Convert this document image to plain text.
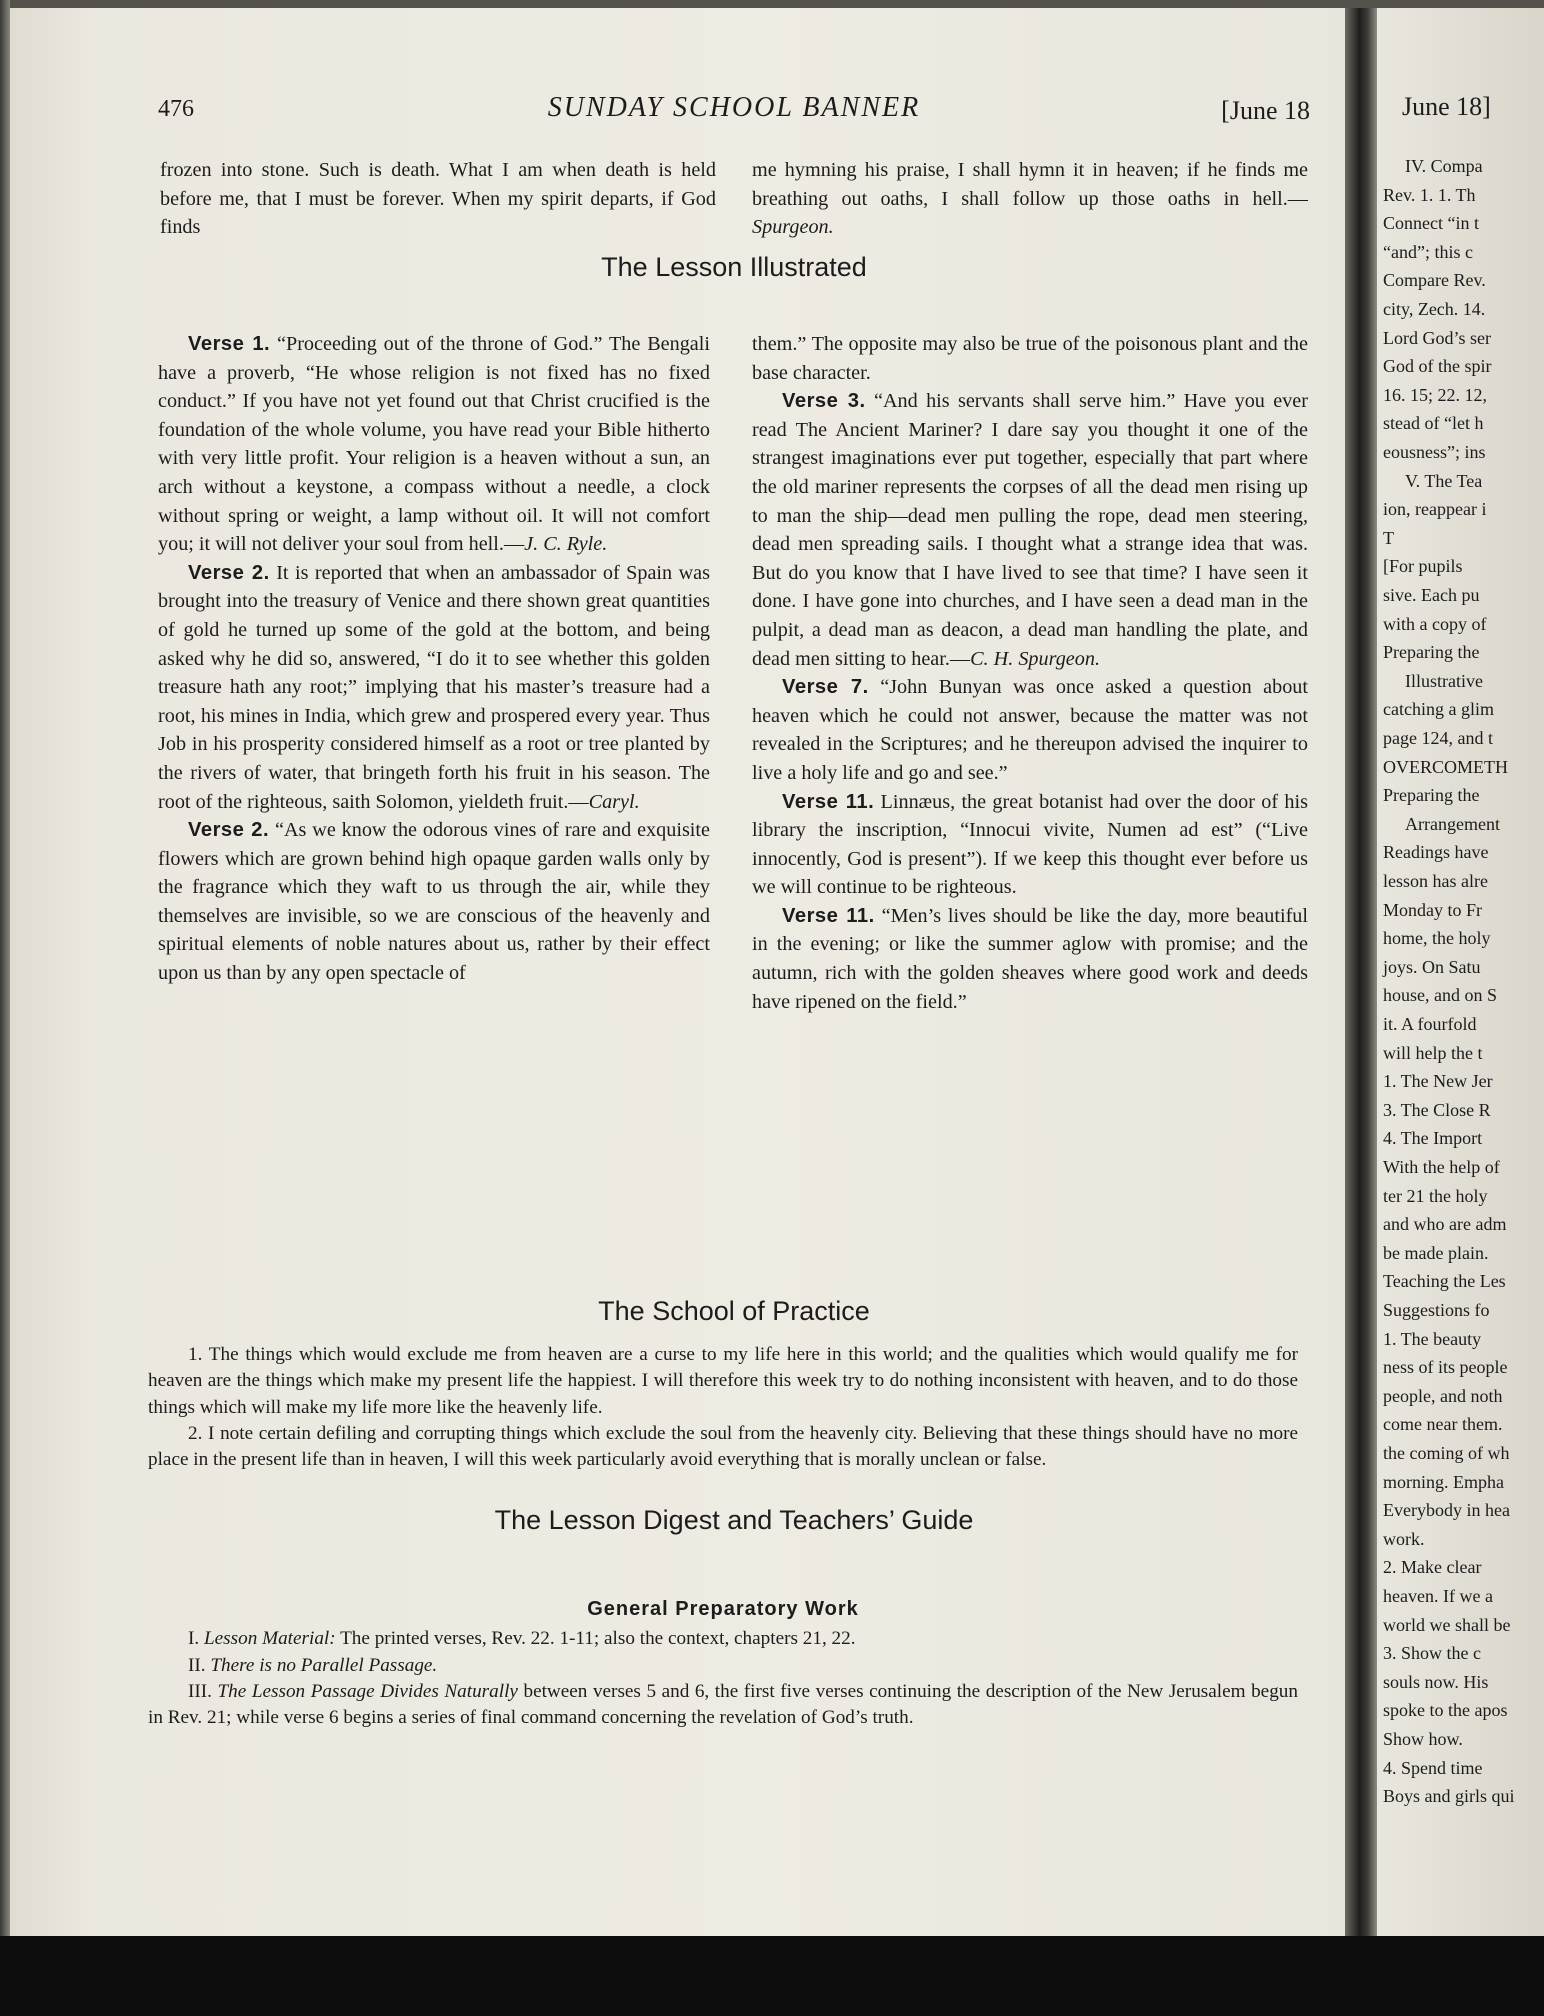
476	SUNDAY SCHOOL BANNER	[June 18

frozen into stone. Such is death. What I am when death is held before me, that I must be forever. When my spirit departs, if God finds

me hymning his praise, I shall hymn it in heaven; if he finds me breathing out oaths, I shall follow up those oaths in hell.—Spurgeon.

The Lesson Illustrated

Verse 1. “Proceeding out of the throne of God.” The Bengali have a proverb, “He whose religion is not fixed has no fixed conduct.” If you have not yet found out that Christ crucified is the foundation of the whole volume, you have read your Bible hitherto with very little profit. Your religion is a heaven without a sun, an arch without a keystone, a compass without a needle, a clock without spring or weight, a lamp without oil. It will not comfort you; it will not deliver your soul from hell.—J. C. Ryle.

Verse 2. It is reported that when an ambassador of Spain was brought into the treasury of Venice and there shown great quantities of gold he turned up some of the gold at the bottom, and being asked why he did so, answered, “I do it to see whether this golden treasure hath any root;” implying that his master’s treasure had a root, his mines in India, which grew and prospered every year. Thus Job in his prosperity considered himself as a root or tree planted by the rivers of water, that bringeth forth his fruit in his season. The root of the righteous, saith Solomon, yieldeth fruit.—Caryl.

Verse 2. “As we know the odorous vines of rare and exquisite flowers which are grown behind high opaque garden walls only by the fragrance which they waft to us through the air, while they themselves are invisible, so we are conscious of the heavenly and spiritual elements of noble natures about us, rather by their effect upon us than by any open spectacle of

them.” The opposite may also be true of the poisonous plant and the base character.

Verse 3. “And his servants shall serve him.” Have you ever read The Ancient Mariner? I dare say you thought it one of the strangest imaginations ever put together, especially that part where the old mariner represents the corpses of all the dead men rising up to man the ship—dead men pulling the rope, dead men steering, dead men spreading sails. I thought what a strange idea that was. But do you know that I have lived to see that time? I have seen it done. I have gone into churches, and I have seen a dead man in the pulpit, a dead man as deacon, a dead man handling the plate, and dead men sitting to hear.—C. H. Spurgeon.

Verse 7. “John Bunyan was once asked a question about heaven which he could not answer, because the matter was not revealed in the Scriptures; and he thereupon advised the inquirer to live a holy life and go and see.”

Verse 11. Linnæus, the great botanist had over the door of his library the inscription, “Innocui vivite, Numen ad est” (“Live innocently, God is present”). If we keep this thought ever before us we will continue to be righteous.

Verse 11. “Men’s lives should be like the day, more beautiful in the evening; or like the summer aglow with promise; and the autumn, rich with the golden sheaves where good work and deeds have ripened on the field.”

The School of Practice

1. The things which would exclude me from heaven are a curse to my life here in this world; and the qualities which would qualify me for heaven are the things which make my present life the happiest. I will therefore this week try to do nothing inconsistent with heaven, and to do those things which will make my life more like the heavenly life.

2. I note certain defiling and corrupting things which exclude the soul from the heavenly city. Believing that these things should have no more place in the present life than in heaven, I will this week particularly avoid everything that is morally unclean or false.

The Lesson Digest and Teachers’ Guide
General Preparatory Work

I. Lesson Material: The printed verses, Rev. 22. 1-11; also the context, chapters 21, 22.

II. There is no Parallel Passage.

III. The Lesson Passage Divides Naturally between verses 5 and 6, the first five verses continuing the description of the New Jerusalem begun in Rev. 21; while verse 6 begins a series of final command concerning the revelation of God’s truth.

June 18]
IV. Compa
Rev. 1. 1. Th
Connect “in t
“and”; this c
Compare Rev.
city, Zech. 14.
Lord God’s ser
God of the spir
16. 15; 22. 12,
stead of “let h
eousness”; ins
V. The Tea
ion, reappear i
T
[For pupils
sive. Each pu
with a copy of
Preparing the
Illustrative
catching a glim
page 124, and t
OVERCOMETH
Preparing the
Arrangement
Readings have
lesson has alre
Monday to Fr
home, the holy
joys. On Satu
house, and on S
it. A fourfold
will help the t
1. The New Jer
3. The Close R
4. The Import
With the help of
ter 21 the holy
and who are adm
be made plain.
Teaching the Les
Suggestions fo
1. The beauty
ness of its people
people, and noth
come near them.
the coming of wh
morning. Empha
Everybody in hea
work.
2. Make clear
heaven. If we a
world we shall be
3. Show the c
souls now. His
spoke to the apos
Show how.
4. Spend time
Boys and girls qui
